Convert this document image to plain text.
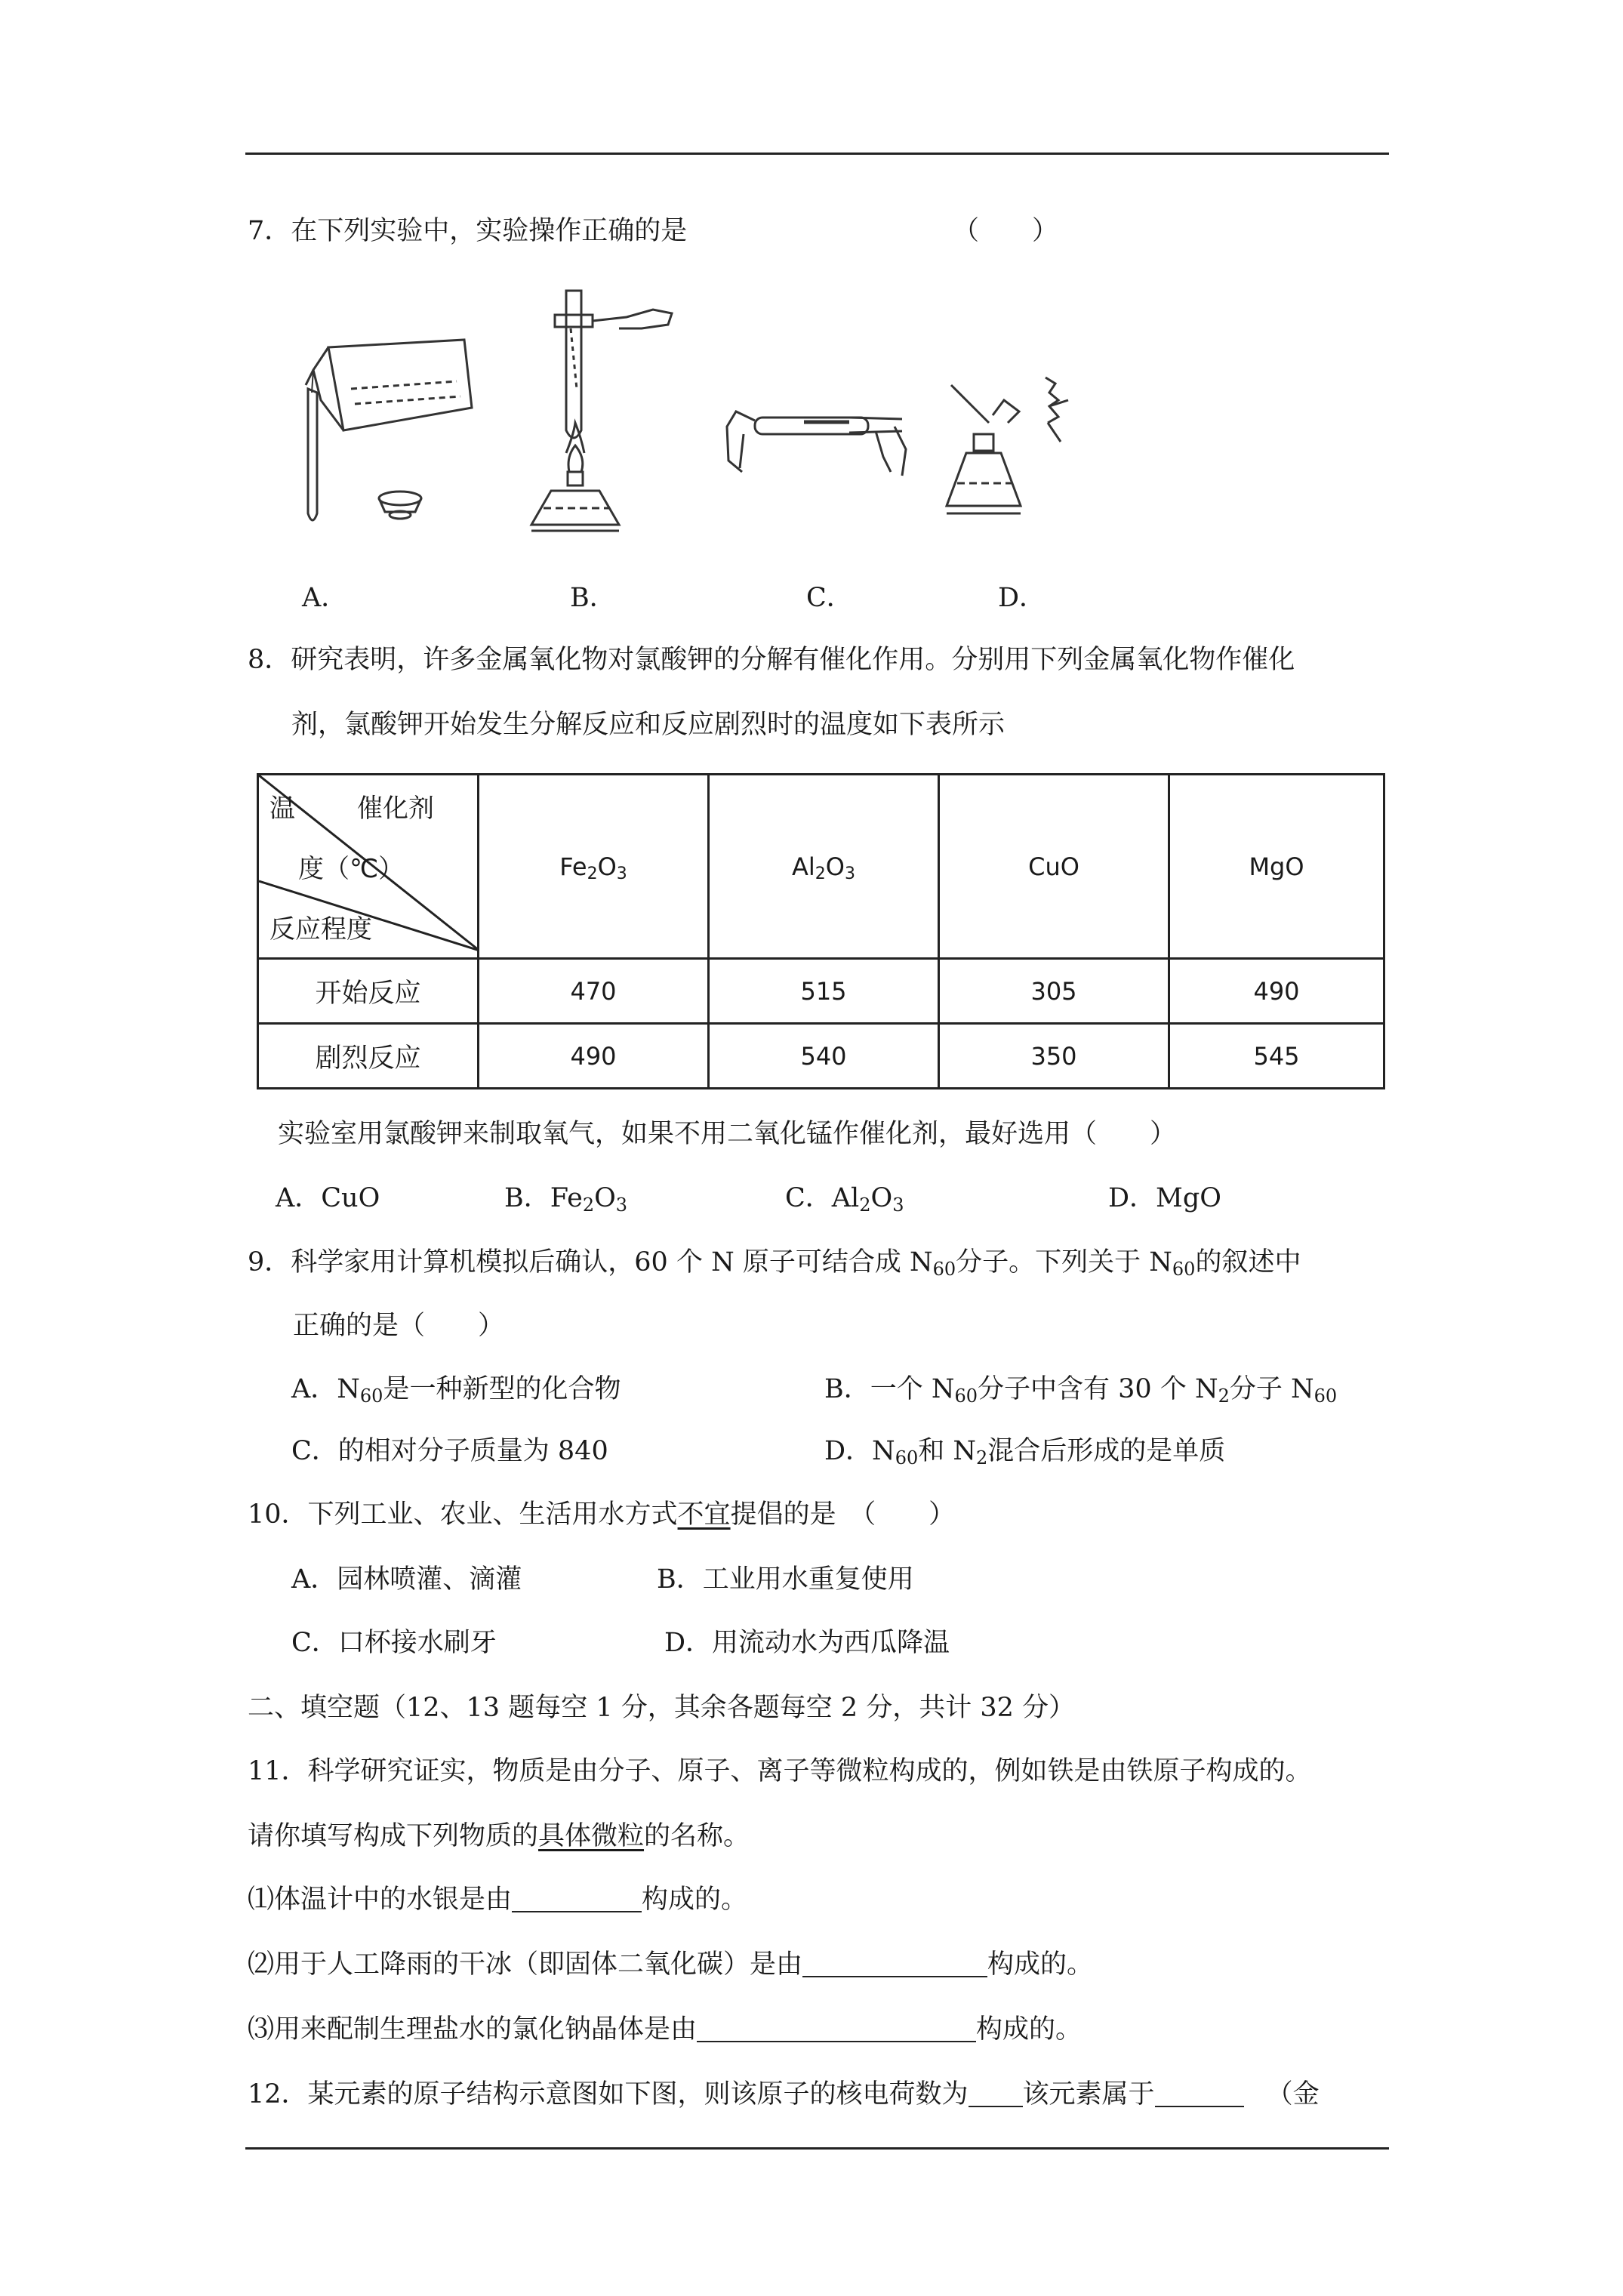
7．在下列实验中，实验操作正确的是	（　　）
A．	B．	C．	D．
8．研究表明，许多金属氧化物对氯酸钾的分解有催化作用。分别用下列金属氧化物作催化
剂，氯酸钾开始发生分解反应和反应剧烈时的温度如下表所示
温 催化剂
度（℃）
反应程度	$Fe_2O_3$	$Al_2O_3$	CuO	MgO
开始反应	470	515	305	490
剧烈反应	490	540	350	545
实验室用氯酸钾来制取氧气，如果不用二氧化锰作催化剂，最好选用（　　）
A．CuO	B．$Fe_2O_3$	C．$Al_2O_3$	D．MgO
9．科学家用计算机模拟后确认，60 个 N 原子可结合成 $N_{60}$分子。下列关于 $N_{60}$的叙述中
正确的是（　　）
A．$N_{60}$是一种新型的化合物	B．一个 $N_{60}$分子中含有 30 个 $N_2$分子 $N_{60}$
C．的相对分子质量为 840	D．$N_{60}$和 $N_2$混合后形成的是单质
10．下列工业、农业、生活用水方式不宜提倡的是　（　　）
A．园林喷灌、滴灌	B．工业用水重复使用
C．口杯接水刷牙	D．用流动水为西瓜降温
二、填空题（12、13 题每空 1 分，其余各题每空 2 分，共计 32 分）
11．科学研究证实，物质是由分子、原子、离子等微粒构成的，例如铁是由铁原子构成的。
请你填写构成下列物质的具体微粒的名称。
⑴体温计中的水银是由	构成的。
⑵用于人工降雨的干冰（即固体二氧化碳）是由	构成的。
⑶用来配制生理盐水的氯化钠晶体是由	构成的。
12．某元素的原子结构示意图如下图，则该原子的核电荷数为 该元素属于	（金
